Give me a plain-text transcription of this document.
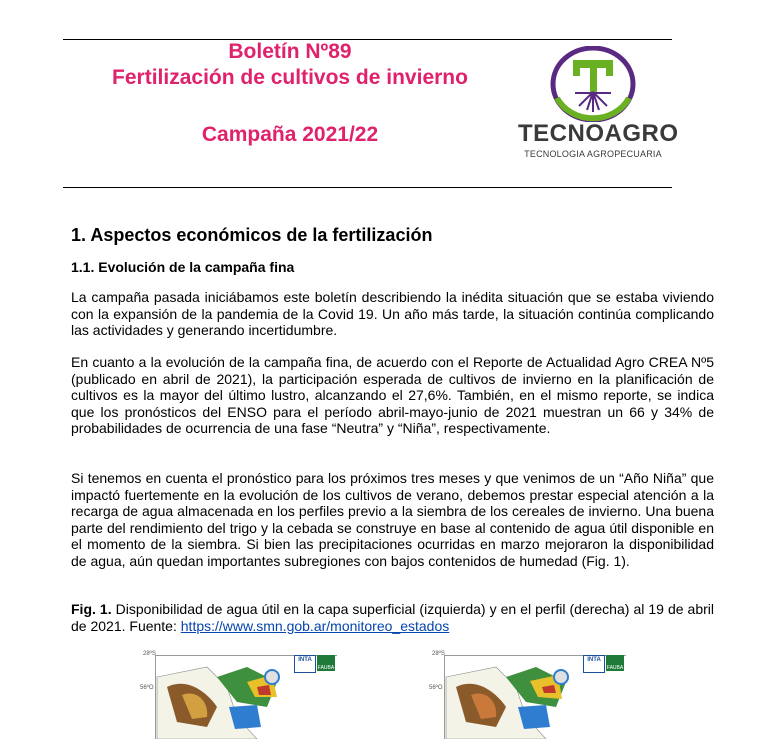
Boletín Nº89
Fertilización de cultivos de invierno
Campaña 2021/22	TECNOAGRO
TECNOLOGIA AGROPECUARIA
1. Aspectos económicos de la fertilización
1.1. Evolución de la campaña fina

La campaña pasada iniciábamos este boletín describiendo la inédita situación que se estaba viviendo con la expansión de la pandemia de la Covid 19. Un año más tarde, la situación continúa complicando las actividades y generando incertidumbre.

En cuanto a la evolución de la campaña fina, de acuerdo con el Reporte de Actualidad Agro CREA Nº5 (publicado en abril de 2021), la participación esperada de cultivos de invierno en la planificación de cultivos es la mayor del último lustro, alcanzando el 27,6%. También, en el mismo reporte, se indica que los pronósticos del ENSO para el período abril-mayo-junio de 2021 muestran un 66 y 34% de probabilidades de ocurrencia de una fase “Neutra” y “Niña”, respectivamente.

Si tenemos en cuenta el pronóstico para los próximos tres meses y que venimos de un “Año Niña” que impactó fuertemente en la evolución de los cultivos de verano, debemos prestar especial atención a la recarga de agua almacenada en los perfiles previo a la siembra de los cereales de invierno. Una buena parte del rendimiento del trigo y la cebada se construye en base al contenido de agua útil disponible en el momento de la siembra. Si bien las precipitaciones ocurridas en marzo mejoraron la disponibilidad de agua, aún quedan importantes subregiones con bajos contenidos de humedad (Fig. 1).

Fig. 1. Disponibilidad de agua útil en la capa superficial (izquierda) y en el perfil (derecha) al 19 de abril de 2021. Fuente: https://www.smn.gob.ar/monitoreo_estados

28ºS
56ºO
INTA
FAUBA
28ºS
56ºO
INTA
FAUBA
